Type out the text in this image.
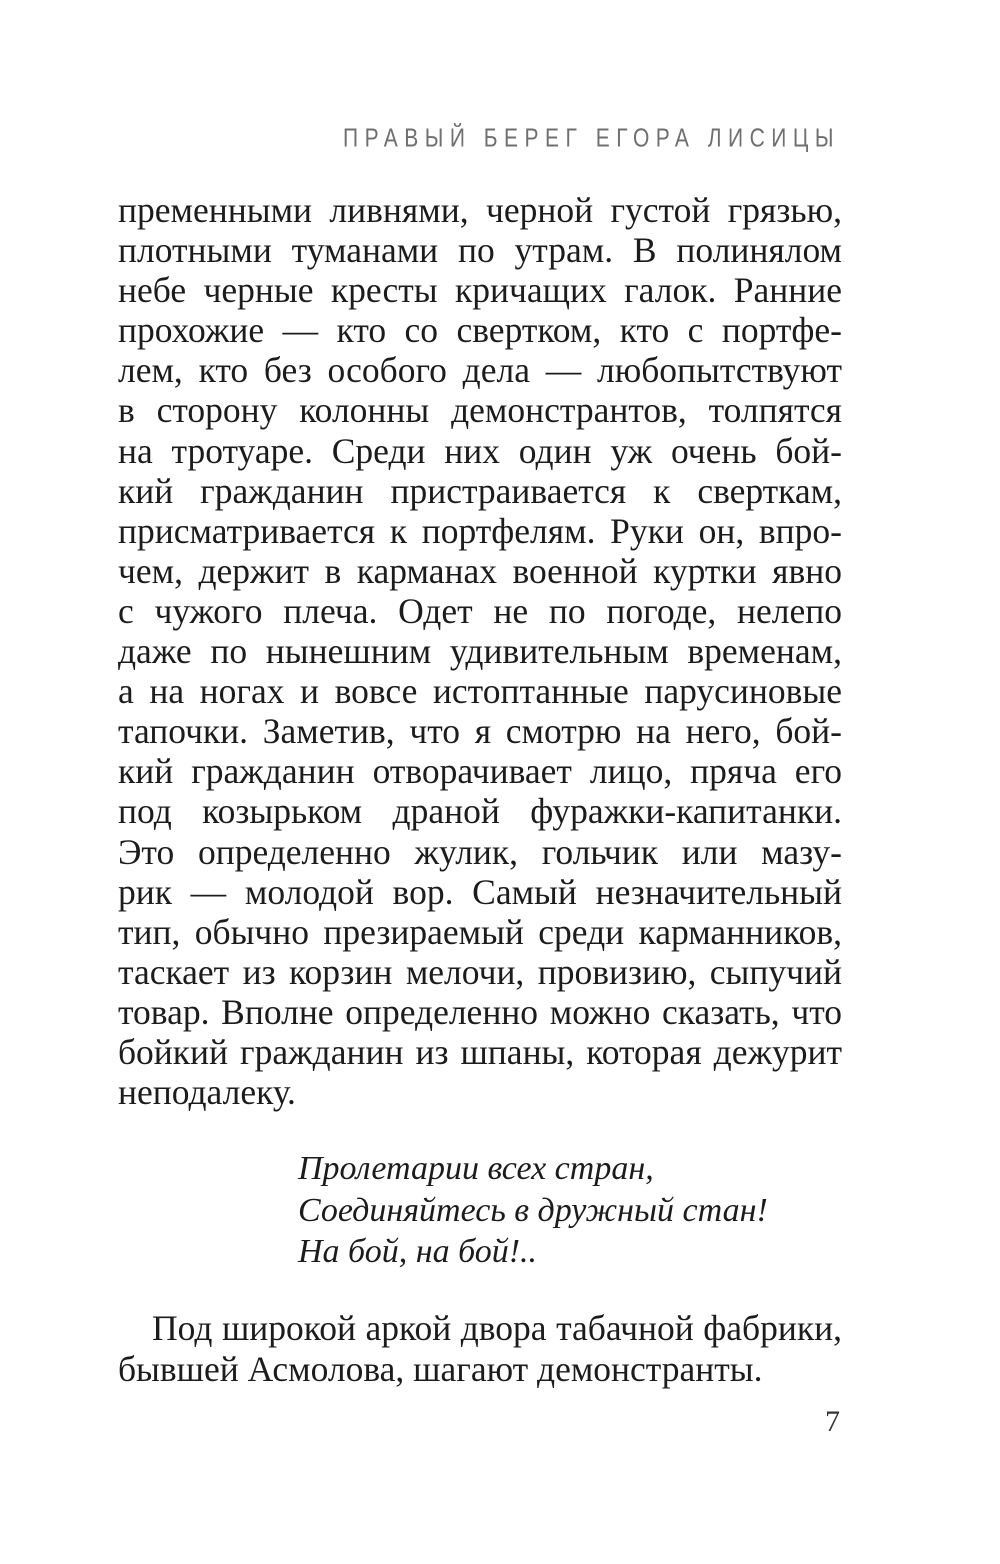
ПРАВЫЙ БЕРЕГ ЕГОРА ЛИСИЦЫ
пременными ливнями, черной густой грязью,
плотными туманами по утрам. В полинялом
небе черные кресты кричащих галок. Ранние
прохожие — кто со свертком, кто с портфе-
лем, кто без особого дела — любопытствуют
в сторону колонны демонстрантов, толпятся
на тротуаре. Среди них один уж очень бой-
кий гражданин пристраивается к сверткам,
присматривается к портфелям. Руки он, впро-
чем, держит в карманах военной куртки явно
с чужого плеча. Одет не по погоде, нелепо
даже по нынешним удивительным временам,
а на ногах и вовсе истоптанные парусиновые
тапочки. Заметив, что я смотрю на него, бой-
кий гражданин отворачивает лицо, пряча его
под козырьком драной фуражки-капитанки.
Это определенно жулик, гольчик или мазу-
рик — молодой вор. Самый незначительный
тип, обычно презираемый среди карманников,
таскает из корзин мелочи, провизию, сыпучий
товар. Вполне определенно можно сказать, что
бойкий гражданин из шпаны, которая дежурит
неподалеку.
Пролетарии всех стран,
Соединяйтесь в дружный стан!
На бой, на бой!..
Под широкой аркой двора табачной фабрики,
бывшей Асмолова, шагают демонстранты.
7
